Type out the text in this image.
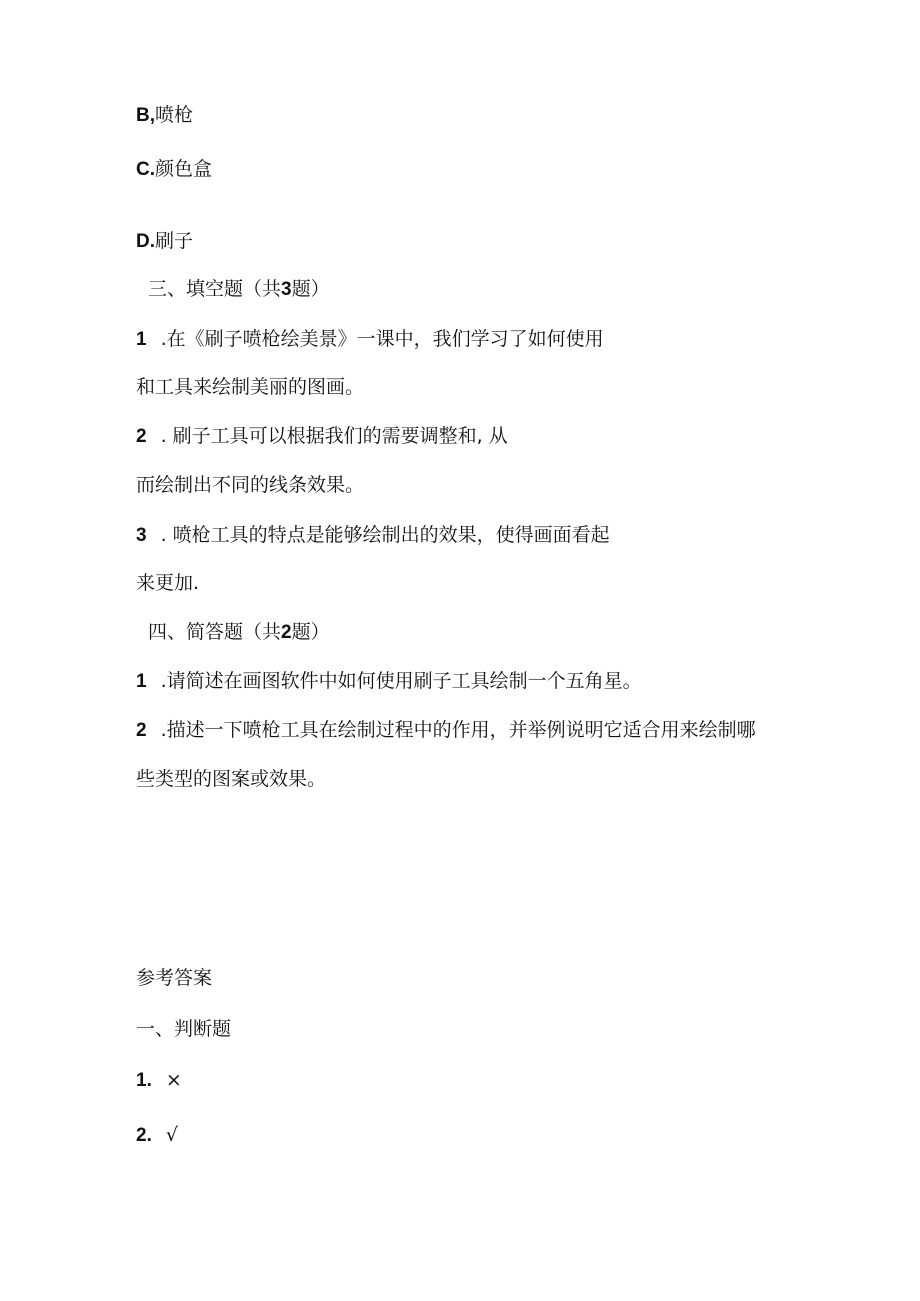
B,喷枪
C.颜色盒
D.刷子
三、填空题（共3题）
1 .在《刷子喷枪绘美景》一课中，我们学习了如何使用
和工具来绘制美丽的图画。
2 . 刷子工具可以根据我们的需要调整和, 从
而绘制出不同的线条效果。
3 . 喷枪工具的特点是能够绘制出的效果，使得画面看起
来更加.
四、简答题（共2题）
1 .请简述在画图软件中如何使用刷子工具绘制一个五角星。
2 .描述一下喷枪工具在绘制过程中的作用，并举例说明它适合用来绘制哪
些类型的图案或效果。
参考答案
一、判断题
1. ×
2. √
